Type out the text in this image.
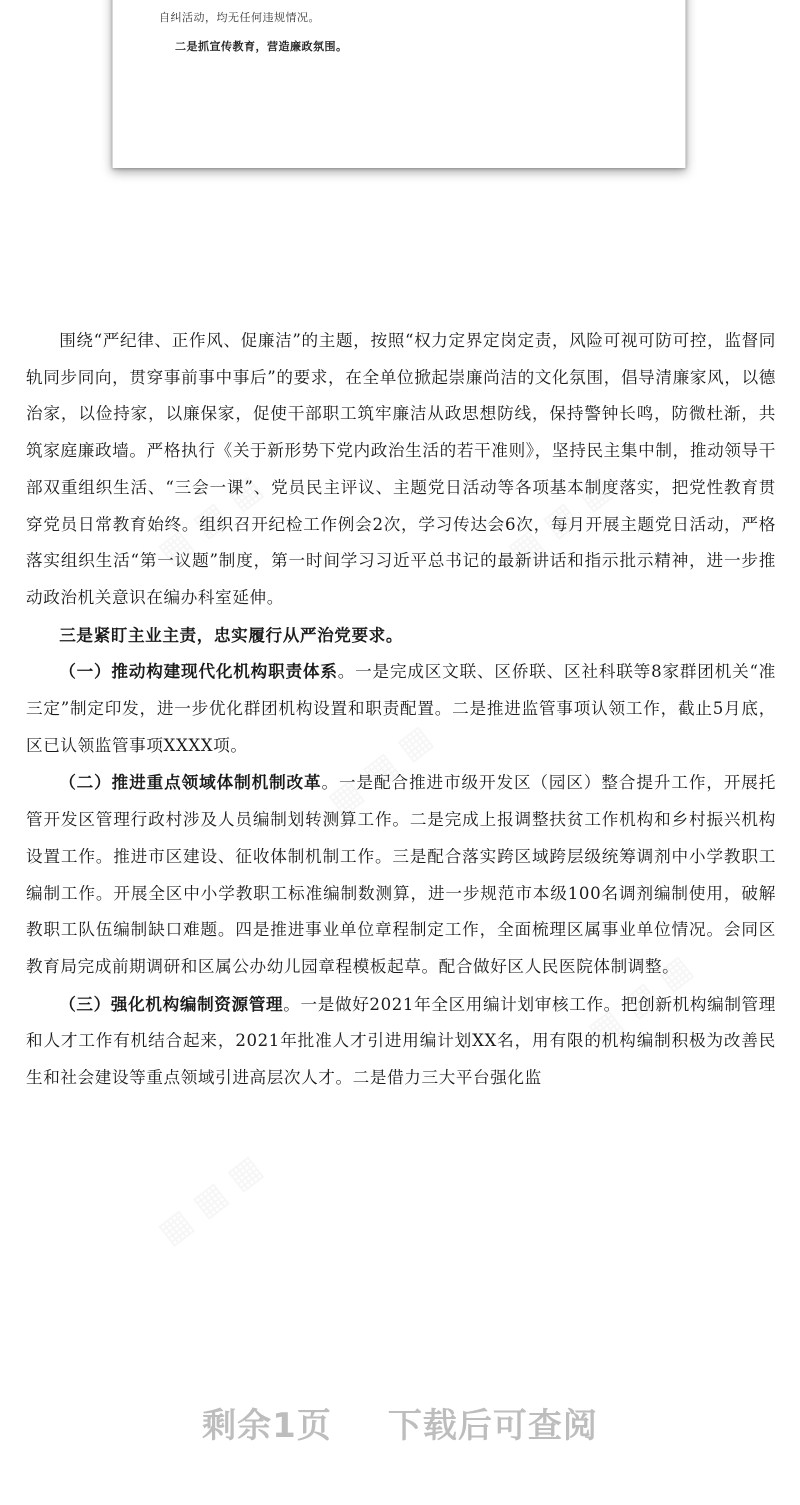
自纠活动，均无任何违规情况。
二是抓宣传教育，营造廉政氛围。

围绕“严纪律、正作风、促廉洁”的主题，按照“权力定界定岗定责，风险可视可防可控，监督同轨同步同向，贯穿事前事中事后”的要求，在全单位掀起崇廉尚洁的文化氛围，倡导清廉家风，以德治家，以俭持家，以廉保家，促使干部职工筑牢廉洁从政思想防线，保持警钟长鸣，防微杜渐，共筑家庭廉政墙。严格执行《关于新形势下党内政治生活的若干准则》，坚持民主集中制，推动领导干部双重组织生活、“三会一课”、党员民主评议、主题党日活动等各项基本制度落实，把党性教育贯穿党员日常教育始终。组织召开纪检工作例会2次，学习传达会6次，每月开展主题党日活动，严格落实组织生活“第一议题”制度，第一时间学习习近平总书记的最新讲话和指示批示精神，进一步推动政治机关意识在编办科室延伸。

三是紧盯主业主责，忠实履行从严治党要求。

（一）推动构建现代化机构职责体系。一是完成区文联、区侨联、区社科联等8家群团机关“准三定”制定印发，进一步优化群团机构设置和职责配置。二是推进监管事项认领工作，截止5月底，区已认领监管事项XXXX项。

（二）推进重点领域体制机制改革。一是配合推进市级开发区（园区）整合提升工作，开展托管开发区管理行政村涉及人员编制划转测算工作。二是完成上报调整扶贫工作机构和乡村振兴机构设置工作。推进市区建设、征收体制机制工作。三是配合落实跨区域跨层级统筹调剂中小学教职工编制工作。开展全区中小学教职工标准编制数测算，进一步规范市本级100名调剂编制使用，破解教职工队伍编制缺口难题。四是推进事业单位章程制定工作，全面梳理区属事业单位情况。会同区教育局完成前期调研和区属公办幼儿园章程模板起草。配合做好区人民医院体制调整。

（三）强化机构编制资源管理。一是做好2021年全区用编计划审核工作。把创新机构编制管理和人才工作有机结合起来，2021年批准人才引进用编计划XX名，用有限的机构编制积极为改善民生和社会建设等重点领域引进高层次人才。二是借力三大平台强化监

剩余1页 下载后可查阅
